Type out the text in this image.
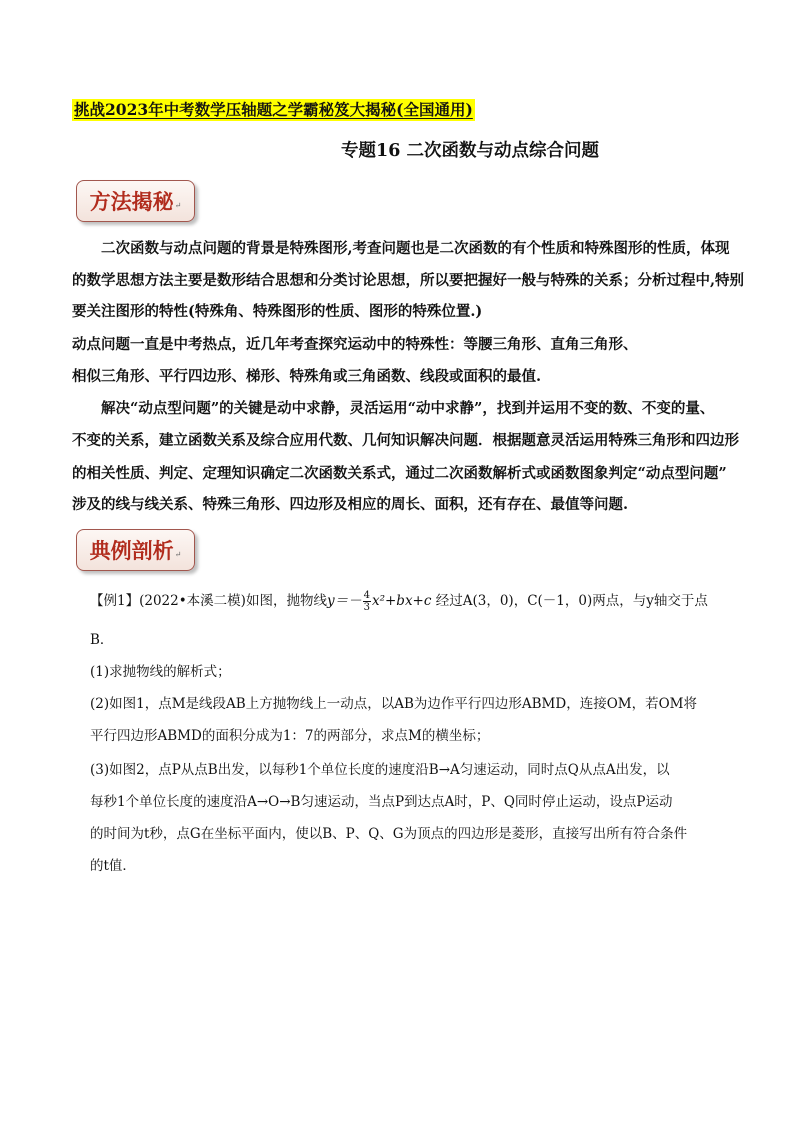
挑战2023年中考数学压轴题之学霸秘笈大揭秘(全国通用)
专题16 二次函数与动点综合问题
方法揭秘 ↵
　　二次函数与动点问题的背景是特殊图形,考查问题也是二次函数的有个性质和特殊图形的性质，体现
的数学思想方法主要是数形结合思想和分类讨论思想，所以要把握好一般与特殊的关系；分析过程中,特别
要关注图形的特性(特殊角、特殊图形的性质、图形的特殊位置.)
动点问题一直是中考热点，近几年考查探究运动中的特殊性：等腰三角形、直角三角形、
相似三角形、平行四边形、梯形、特殊角或三角函数、线段或面积的最值.
　　解决“动点型问题”的关键是动中求静，灵活运用“动中求静”，找到并运用不变的数、不变的量、
不变的关系，建立函数关系及综合应用代数、几何知识解决问题．根据题意灵活运用特殊三角形和四边形
的相关性质、判定、定理知识确定二次函数关系式，通过二次函数解析式或函数图象判定“动点型问题”
涉及的线与线关系、特殊三角形、四边形及相应的周长、面积，还有存在、最值等问题.
典例剖析 ↵
【例1】(2022•本溪二模)如图，抛物线$y=- \frac{4}{3} x^2+bx+c$ 经过A(3，0)，C(－1，0)两点，与y轴交于点
B．
(1)求抛物线的解析式；
(2)如图1，点M是线段AB上方抛物线上一动点，以AB为边作平行四边形ABMD，连接OM，若OM将
平行四边形ABMD的面积分成为1：7的两部分，求点M的横坐标；
(3)如图2，点P从点B出发，以每秒1个单位长度的速度沿B→A匀速运动，同时点Q从点A出发，以
每秒1个单位长度的速度沿A→O→B匀速运动，当点P到达点A时，P、Q同时停止运动，设点P运动
的时间为t秒，点G在坐标平面内，使以B、P、Q、G为顶点的四边形是菱形，直接写出所有符合条件
的t值．
